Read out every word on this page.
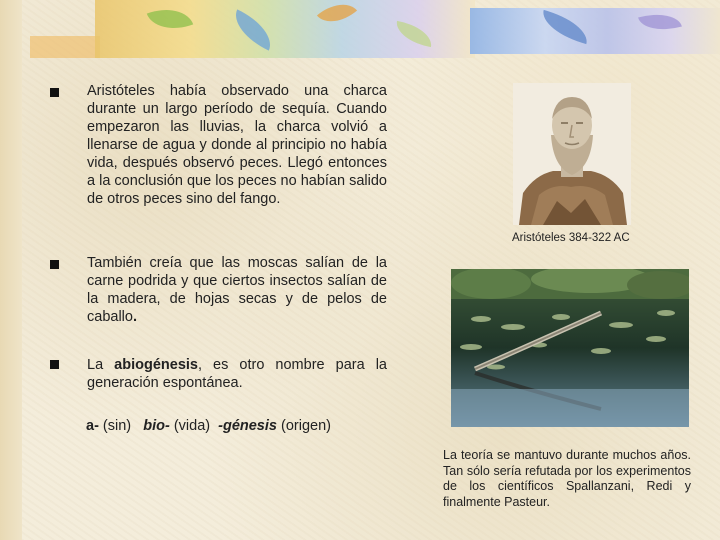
Aristóteles había observado una charca durante un largo período de sequía. Cuando empezaron las lluvias, la charca volvió a llenarse de agua y donde al principio no había vida, después observó peces. Llegó entonces a la conclusión que los peces no habían salido de otros peces sino del fango.
También creía que las moscas salían de la carne podrida y que ciertos insectos salían de la madera, de hojas secas y de pelos de caballo.
La abiogénesis, es otro nombre para la generación espontánea.
Aristóteles 384-322 AC
a- (sin)   bio- (vida)  -génesis (origen)
La teoría se mantuvo durante muchos años. Tan sólo sería refutada por los experimentos de los científicos Spallanzani, Redi y finalmente Pasteur.
